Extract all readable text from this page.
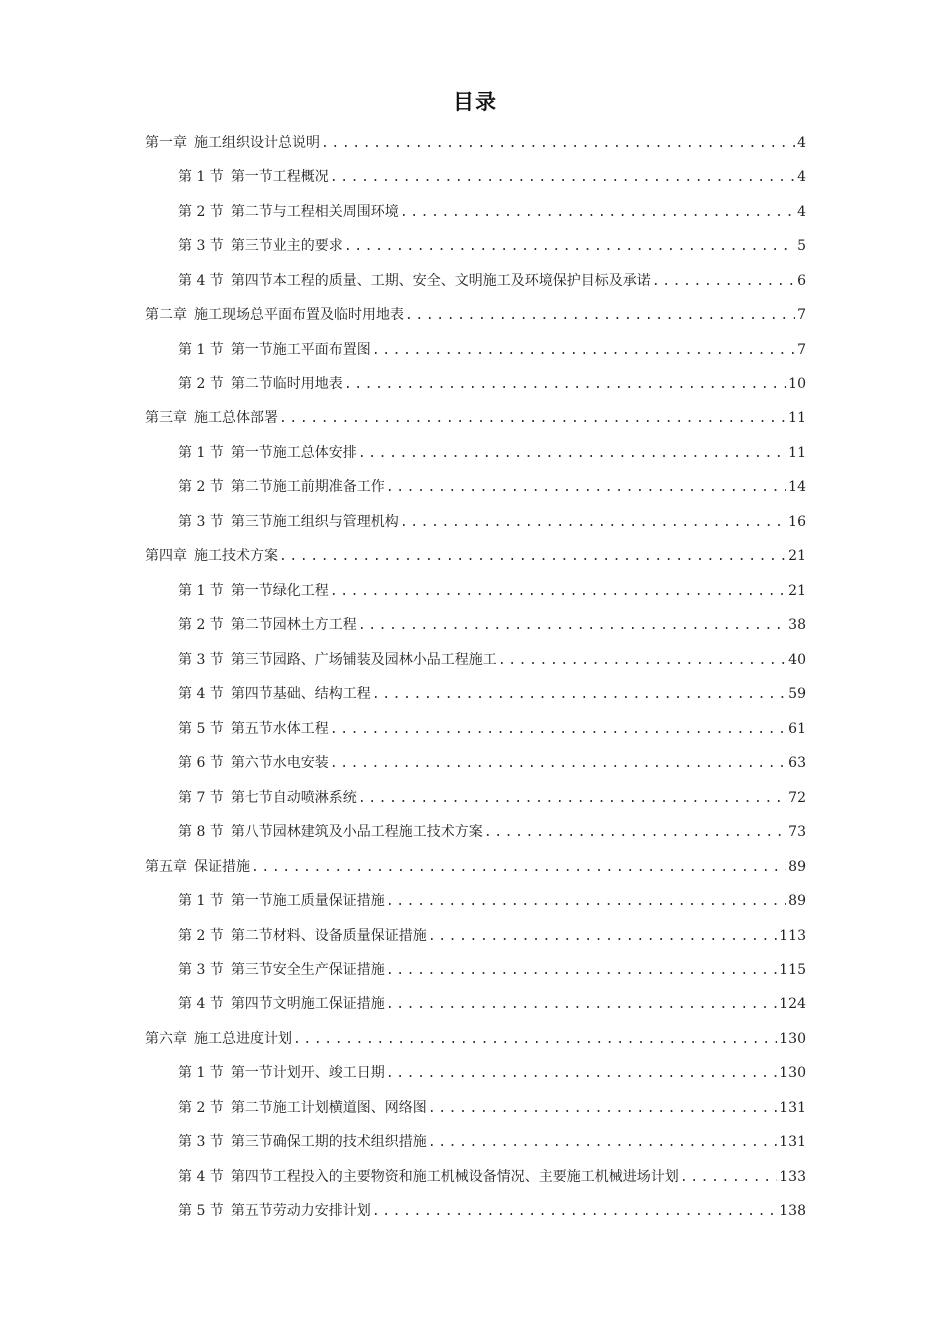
目录
第一章 施工组织设计总说明 .....	4
第 1 节 第一节工程概况 .....	4
第 2 节 第二节与工程相关周围环境 .....	4
第 3 节 第三节业主的要求 .....	5
第 4 节 第四节本工程的质量、工期、安全、文明施工及环境保护目标及承诺 .....	6
第二章 施工现场总平面布置及临时用地表 .....	7
第 1 节 第一节施工平面布置图 .....	7
第 2 节 第二节临时用地表 .....	10
第三章 施工总体部署 .....	11
第 1 节 第一节施工总体安排 .....	11
第 2 节 第二节施工前期准备工作 .....	14
第 3 节 第三节施工组织与管理机构 .....	16
第四章 施工技术方案 .....	21
第 1 节 第一节绿化工程 .....	21
第 2 节 第二节园林土方工程 .....	38
第 3 节 第三节园路、广场铺装及园林小品工程施工 .....	40
第 4 节 第四节基础、结构工程 .....	59
第 5 节 第五节水体工程 .....	61
第 6 节 第六节水电安装 .....	63
第 7 节 第七节自动喷淋系统 .....	72
第 8 节 第八节园林建筑及小品工程施工技术方案 .....	73
第五章 保证措施 .....	89
第 1 节 第一节施工质量保证措施 .....	89
第 2 节 第二节材料、设备质量保证措施 .....	113
第 3 节 第三节安全生产保证措施 .....	115
第 4 节 第四节文明施工保证措施 .....	124
第六章 施工总进度计划 .....	130
第 1 节 第一节计划开、竣工日期 .....	130
第 2 节 第二节施工计划横道图、网络图 .....	131
第 3 节 第三节确保工期的技术组织措施 .....	131
第 4 节 第四节工程投入的主要物资和施工机械设备情况、主要施工机械进场计划 .....	133
第 5 节 第五节劳动力安排计划 .....	138
